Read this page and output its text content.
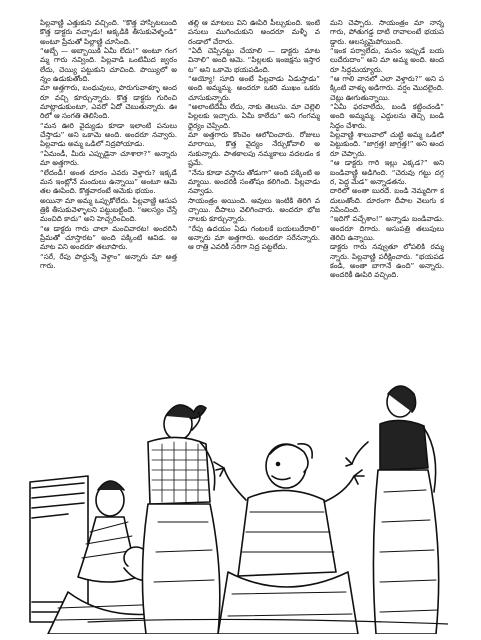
పిల్లవాణ్ణి ఎత్తుకుని వచ్చింది. “కొత్త హాస్పిటలుంది కొత్త డాక్టరు వచ్చాడు! అక్కడికి తీసుకువెళ్ళండి” అంటూ ప్రేమతో పిల్లాణ్ణి చూసింది.

“అబ్బే — అబ్బాయికి ఏమీ లేదు!” అంటూ గంగమ్మ గారు నవ్వింది. పిల్లవాడి ఒంటిమీద జ్వరం లేదు, చెయ్యి పట్టుకుని చూచింది. పొయ్యిలో అన్నం ఉడుకుతోంది.

మా అత్తగారు, బంధువులు, పొరుగువాళ్ళూ అందరూ వచ్చి కూర్చున్నారు. కొత్త డాక్టరు గురించి మాట్లాడుకుంటూ, ఎవరో ఏదో చెబుతున్నారు. ఊరిలో ఆ సంగతి తెలిసింది.

“మన ఊరి వైద్యుడు కూడా ఇలాంటి పనులు చేస్తాడు” అని ఒకామె అంది. అందరూ నవ్వారు. పిల్లవాడు అమ్మ ఒడిలో నిద్రపోయాడు.

“ఏమండీ, మీరు ఎప్పుడైనా చూశారా?” అన్నారు మా అత్తగారు.

“లేదండీ! అంత దూరం ఎవరు వెళ్తారు? ఇక్కడే మన ఇంట్లోనే మందులు ఉన్నాయి” అంటూ ఆమె తల ఊపింది. కొత్తవారంటే ఆమెకు భయం.

అయినా మా అమ్మ ఒప్పుకోలేదు. పిల్లవాణ్ణి ఆసుపత్రికి తీసుకువెళ్ళాలని పట్టుబట్టింది. “ఆలస్యం చేస్తే మంచిది కాదు” అని హెచ్చరించింది.

“ఆ డాక్టరు గారు చాలా మంచివారట! అందరినీ ప్రేమతో చూస్తారట” అంది పక్కింటి ఆవిడ. ఆ మాట విని అందరూ తలూపారు.

“సరే, రేపు పొద్దున్నే వెళ్దాం” అన్నారు మా అత్తగారు.

తల్లి ఆ మాటలు విని ఊపిరి పీల్చుకుంది. ఇంటి పనులు ముగించుకుని అందరూ మళ్ళీ వరండాలో చేరారు.

“ఏదీ చెప్పినట్టు చేయాలి — డాక్టరు మాట వినాలి” అంది ఆమె. “పిల్లలకు ఇంజక్షను ఇస్తారట” అని ఒకామె భయపడింది.

“అయ్యో! సూది అంటే పిల్లవాడు ఏడుస్తాడు” అంది అమ్మమ్మ. అందరూ ఒకరి ముఖం ఒకరు చూసుకున్నారు.

“అలాంటిదేమీ లేదు, నాకు తెలుసు. మా చెల్లెలి పిల్లలకు ఇచ్చారు. ఏమీ కాలేదు” అని గంగమ్మ ధైర్యం చెప్పింది.

మా అత్తగారు కొంచెం ఆలోచించారు. రోజులు మారాయి, కొత్త వైద్యం నేర్చుకోవాలి అనుకున్నారు. పాతకాలపు నమ్మకాలు వదలడం కష్టమే.

“నేను కూడా వస్తాను తోడుగా” అంది పక్కింటి అమ్మాయి. అందరికీ సంతోషం కలిగింది. పిల్లవాడు నవ్వాడు.

సాయంత్రం అయింది. ఆవులు ఇంటికి తిరిగి వచ్చాయి. దీపాలు వెలిగించారు. అందరూ భోజనాలకు కూర్చున్నారు.

“రేపు ఉదయం ఏడు గంటలకే బయలుదేరాలి” అన్నారు మా అత్తగారు. అందరూ సరేనన్నారు. ఆ రాత్రి ఎవరికీ సరిగా నిద్ర పట్టలేదు.

మని చెప్పారు. సాయంత్రం మా నాన్నగారు, పోతుగడ్డ దాటి రావాలంటే భయపడ్డారు. ఆలస్యమైపోయింది.

“ఇంక పర్వాలేదు, మనం ఇప్పుడే బయలుదేరుదాం” అని మా అమ్మ అంది. అందరూ సిద్ధమయ్యారు.

“ఆ గాలి వానలో ఎలా వెళ్తారు?” అని పక్కింటి వాళ్ళు అడిగారు. వర్షం మొదలైంది. చెట్లు ఊగుతున్నాయి.

“ఏమీ ఫరవాలేదు, బండి కట్టించండి” అంది అమ్మమ్మ. ఎద్దులను తెచ్చి బండి సిద్ధం చేశారు.

పిల్లవాణ్ణి శాలువాలో చుట్టి అమ్మ ఒడిలో పెట్టుకుంది. “జాగ్రత్త! జాగ్రత్త!” అని అందరూ చెప్పారు.

“ఆ డాక్టరు గారి ఇల్లు ఎక్కడ?” అని బండివాణ్ణి అడిగింది. “చెరువు గట్టు దగ్గర, పెద్ద మేడ” అన్నాడతను.

దారిలో అంతా బురదే. బండి నెమ్మదిగా కదులుతోంది. దూరంగా దీపాల వెలుగు కనిపించింది.

“ఇదిగో వచ్చేశాం!” అన్నాడు బండివాడు. అందరూ దిగారు. ఆసుపత్రి తలుపులు తెరిచి ఉన్నాయి.

డాక్టరు గారు నవ్వుతూ లోపలికి రమ్మన్నారు. పిల్లవాణ్ణి పరీక్షించారు. “భయపడకండి, అంతా బాగానే ఉంది” అన్నారు. అందరికీ ఊపిరి వచ్చింది.
